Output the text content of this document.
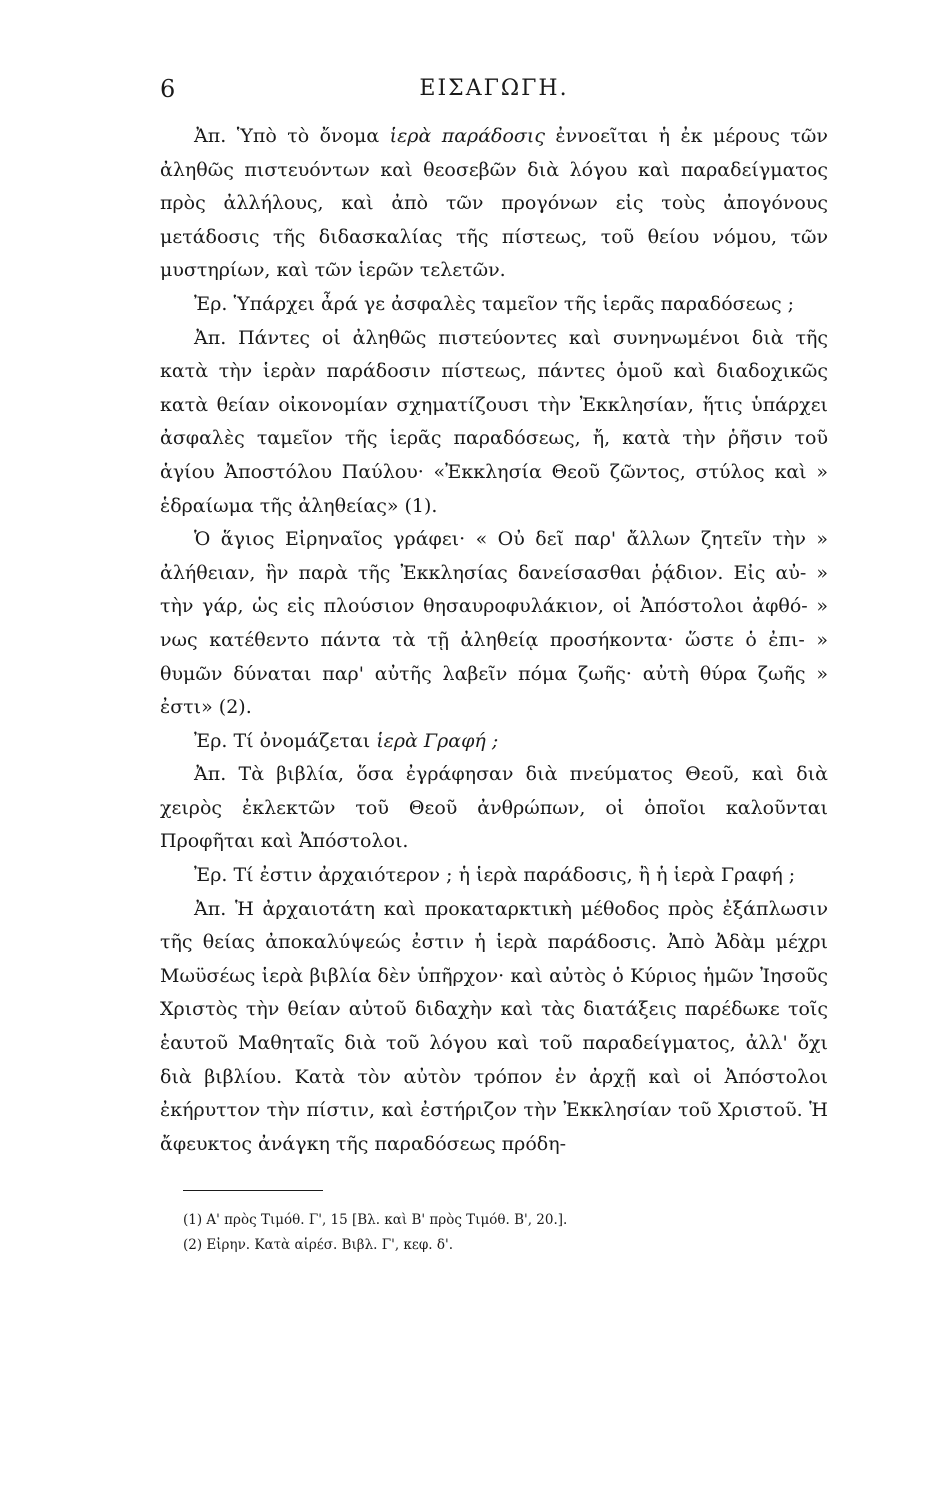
6	ΕΙΣΑΓΩΓΗ.

Ἀπ. Ὑπὸ τὸ ὄνομα ἱερὰ παράδοσις ἐννοεῖται ἡ ἐκ μέρους τῶν ἀληθῶς πιστευόντων καὶ θεοσεβῶν διὰ λόγου καὶ παραδείγματος πρὸς ἀλλήλους, καὶ ἀπὸ τῶν προγόνων εἰς τοὺς ἀπογόνους μετάδοσις τῆς διδασκαλίας τῆς πίστεως, τοῦ θείου νόμου, τῶν μυστηρίων, καὶ τῶν ἱερῶν τελετῶν.

Ἐρ. Ὑπάρχει ἆρά γε ἀσφαλὲς ταμεῖον τῆς ἱερᾶς παραδόσεως ;

Ἀπ. Πάντες οἱ ἀληθῶς πιστεύοντες καὶ συνηνωμένοι διὰ τῆς κατὰ τὴν ἱερὰν παράδοσιν πίστεως, πάντες ὁμοῦ καὶ διαδοχικῶς κατὰ θείαν οἰκονομίαν σχηματίζουσι τὴν Ἐκκλησίαν, ἥτις ὑπάρχει ἀσφαλὲς ταμεῖον τῆς ἱερᾶς παραδόσεως, ἤ, κατὰ τὴν ῥῆσιν τοῦ ἁγίου Ἀποστόλου Παύλου· «Ἐκκλησία Θεοῦ ζῶντος, στύλος καὶ » ἑδραίωμα τῆς ἀληθείας» (1).

Ὁ ἅγιος Εἰρηναῖος γράφει· « Οὐ δεῖ παρ' ἄλλων ζητεῖν τὴν » ἀλήθειαν, ἣν παρὰ τῆς Ἐκκλησίας δανείσασθαι ῥᾴδιον. Εἰς αὐ- » τὴν γάρ, ὡς εἰς πλούσιον θησαυροφυλάκιον, οἱ Ἀπόστολοι ἀφθό- » νως κατέθεντο πάντα τὰ τῇ ἀληθείᾳ προσήκοντα· ὥστε ὁ ἐπι- » θυμῶν δύναται παρ' αὐτῆς λαβεῖν πόμα ζωῆς· αὐτὴ θύρα ζωῆς » ἐστι» (2).

Ἐρ. Τί ὀνομάζεται ἱερὰ Γραφή ;

Ἀπ. Τὰ βιβλία, ὅσα ἐγράφησαν διὰ πνεύματος Θεοῦ, καὶ διὰ χειρὸς ἐκλεκτῶν τοῦ Θεοῦ ἀνθρώπων, οἱ ὁποῖοι καλοῦνται Προφῆται καὶ Ἀπόστολοι.

Ἐρ. Τί ἐστιν ἀρχαιότερον ; ἡ ἱερὰ παράδοσις, ἢ ἡ ἱερὰ Γραφή ;

Ἀπ. Ἡ ἀρχαιοτάτη καὶ προκαταρκτικὴ μέθοδος πρὸς ἐξάπλωσιν τῆς θείας ἀποκαλύψεώς ἐστιν ἡ ἱερὰ παράδοσις. Ἀπὸ Ἀδὰμ μέχρι Μωϋσέως ἱερὰ βιβλία δὲν ὑπῆρχον· καὶ αὐτὸς ὁ Κύριος ἡμῶν Ἰησοῦς Χριστὸς τὴν θείαν αὐτοῦ διδαχὴν καὶ τὰς διατάξεις παρέδωκε τοῖς ἑαυτοῦ Μαθηταῖς διὰ τοῦ λόγου καὶ τοῦ παραδείγματος, ἀλλ' ὄχι διὰ βιβλίου. Κατὰ τὸν αὐτὸν τρόπον ἐν ἀρχῇ καὶ οἱ Ἀπόστολοι ἐκήρυττον τὴν πίστιν, καὶ ἐστήριζον τὴν Ἐκκλησίαν τοῦ Χριστοῦ. Ἡ ἄφευκτος ἀνάγκη τῆς παραδόσεως πρόδη-

(1) Α' πρὸς Τιμόθ. Γ', 15 [Βλ. καὶ Β' πρὸς Τιμόθ. Β', 20.].

(2) Εἰρην. Κατὰ αἱρέσ. Βιβλ. Γ', κεφ. δ'.
